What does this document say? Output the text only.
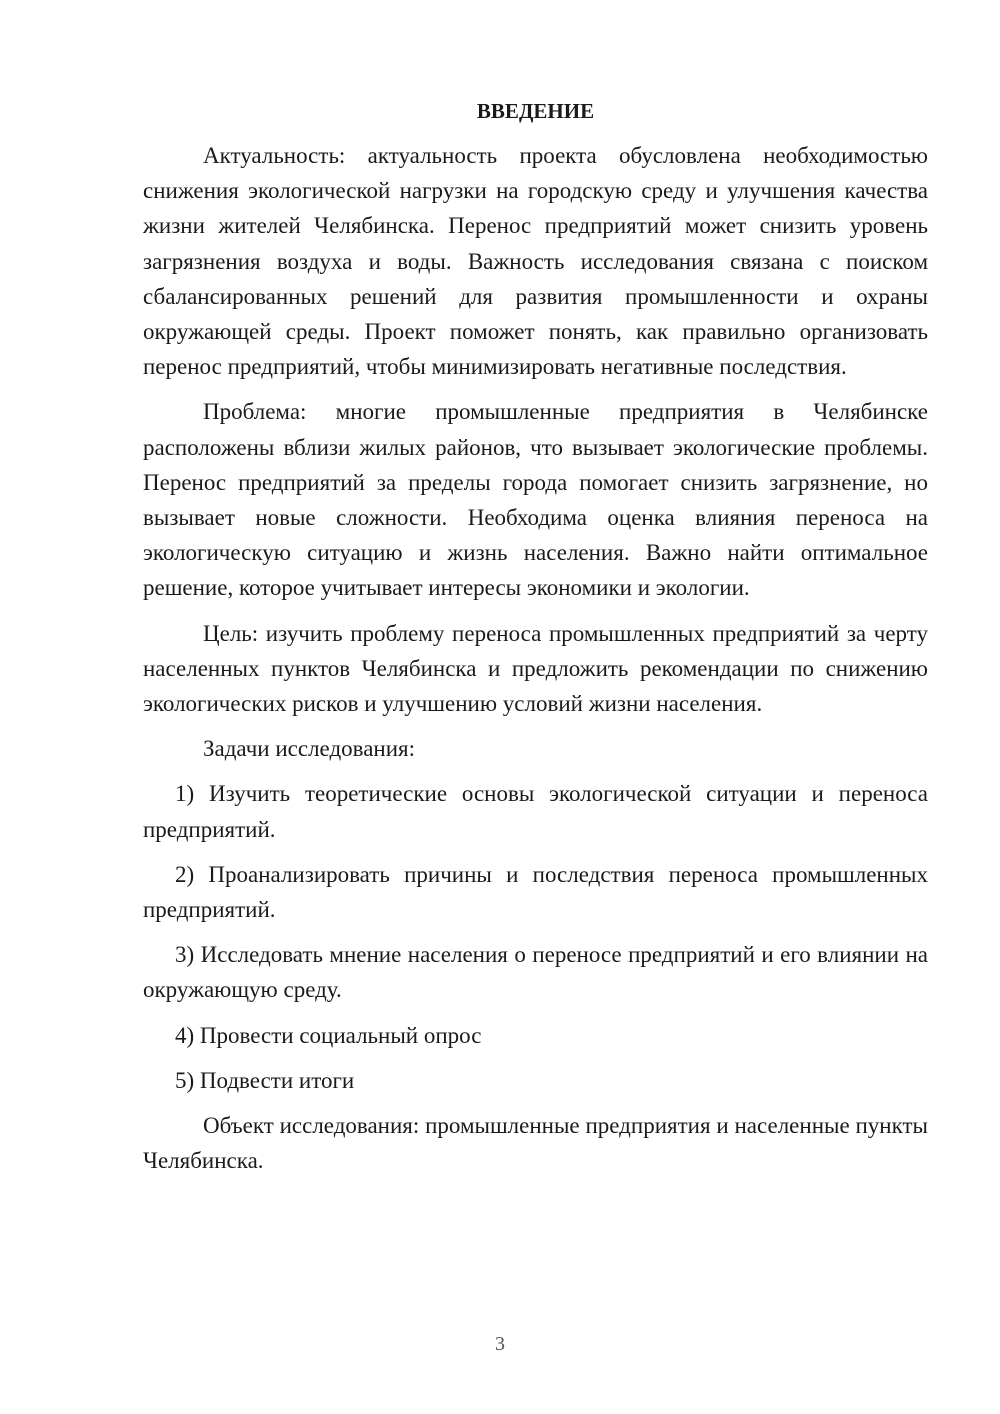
ВВЕДЕНИЕ

Актуальность: актуальность проекта обусловлена необходимостью снижения экологической нагрузки на городскую среду и улучшения качества жизни жителей Челябинска. Перенос предприятий может снизить уровень загрязнения воздуха и воды. Важность исследования связана с поиском сбалансированных решений для развития промышленности и охраны окружающей среды. Проект поможет понять, как правильно организовать перенос предприятий, чтобы минимизировать негативные последствия.

Проблема: многие промышленные предприятия в Челябинске расположены вблизи жилых районов, что вызывает экологические проблемы. Перенос предприятий за пределы города помогает снизить загрязнение, но вызывает новые сложности. Необходима оценка влияния переноса на экологическую ситуацию и жизнь населения. Важно найти оптимальное решение, которое учитывает интересы экономики и экологии.

Цель: изучить проблему переноса промышленных предприятий за черту населенных пунктов Челябинска и предложить рекомендации по снижению экологических рисков и улучшению условий жизни населения.

Задачи исследования:

1) Изучить теоретические основы экологической ситуации и переноса предприятий.

2) Проанализировать причины и последствия переноса промышленных предприятий.

3) Исследовать мнение населения о переносе предприятий и его влиянии на окружающую среду.

4) Провести социальный опрос

5) Подвести итоги

Объект исследования: промышленные предприятия и населенные пункты Челябинска.

3
